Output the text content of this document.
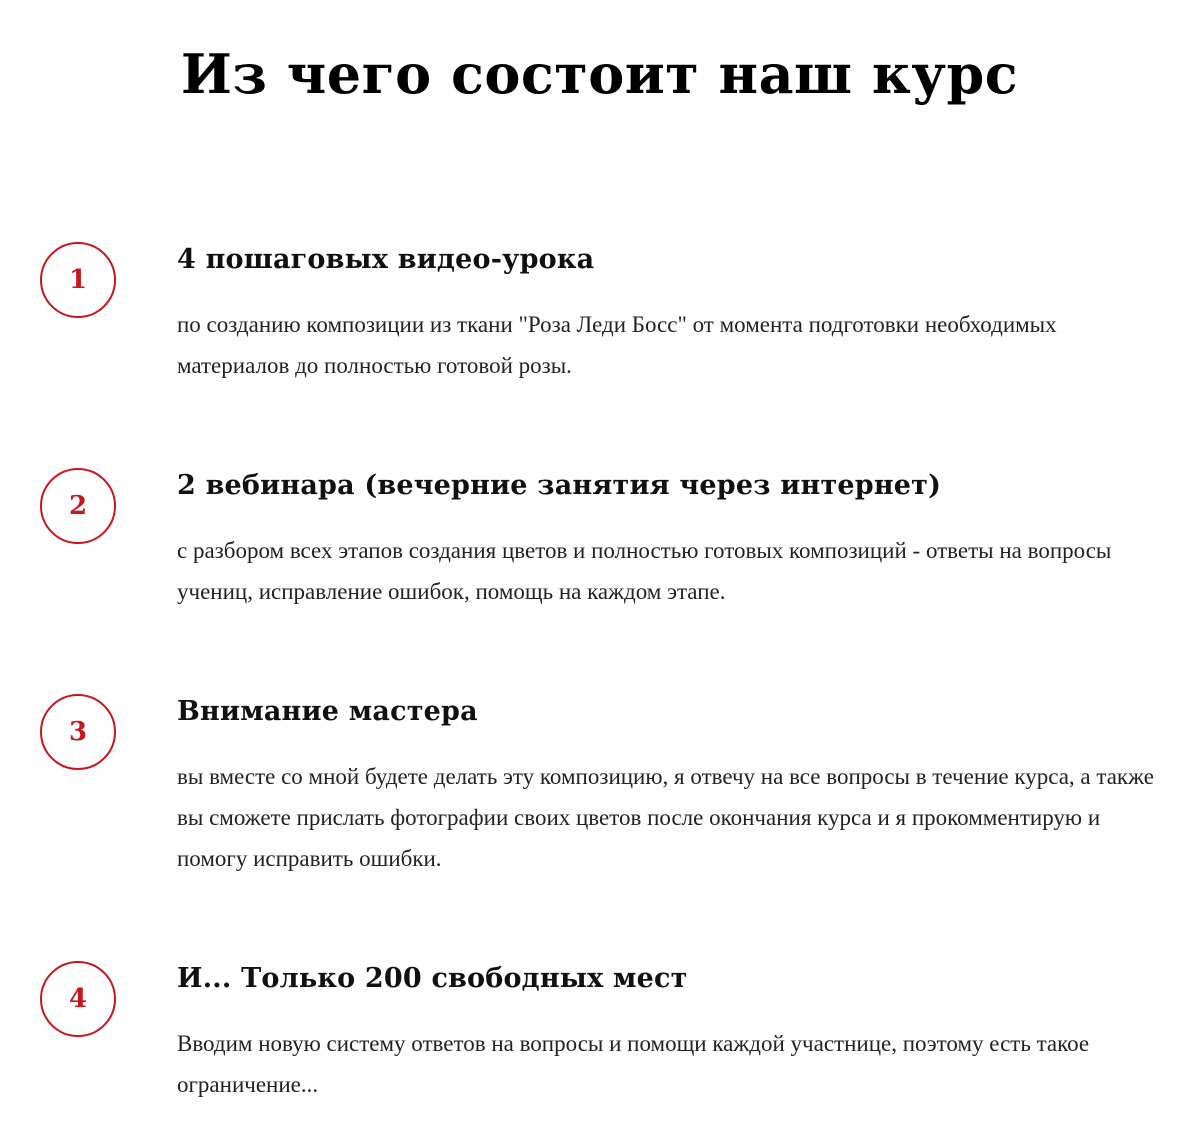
Из чего состоит наш курс
1
4 пошаговых видео-урока
по созданию композиции из ткани "Роза Леди Босс" от момента подготовки необходимых материалов до полностью готовой розы.
2
2 вебинара (вечерние занятия через интернет)
с разбором всех этапов создания цветов и полностью готовых композиций - ответы на вопросы учениц, исправление ошибок, помощь на каждом этапе.
3
Внимание мастера
вы вместе со мной будете делать эту композицию, я отвечу на все вопросы в течение курса, а также вы сможете прислать фотографии своих цветов после окончания курса и я прокомментирую и помогу исправить ошибки.
4
И... Только 200 свободных мест
Вводим новую систему ответов на вопросы и помощи каждой участнице, поэтому есть такое ограничение...
